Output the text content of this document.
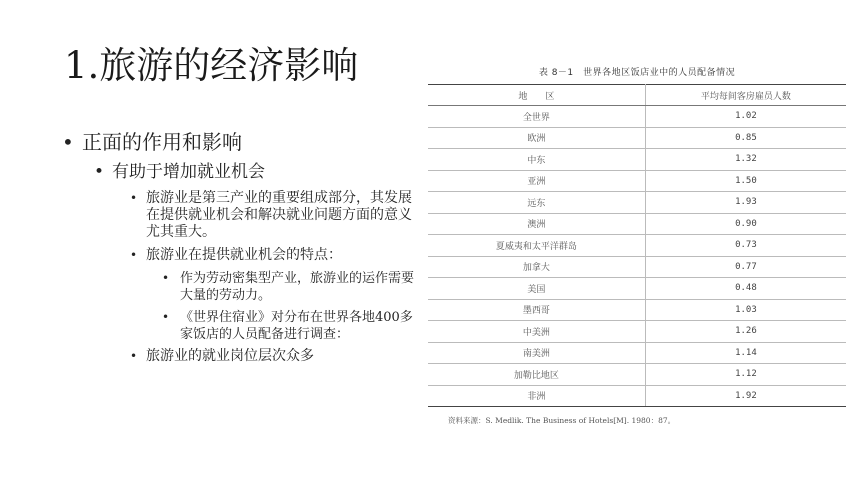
1.旅游的经济影响
• 正面的作用和影响
• 有助于增加就业机会
• 旅游业是第三产业的重要组成部分，其发展在提供就业机会和解决就业问题方面的意义尤其重大。
• 旅游业在提供就业机会的特点：
• 作为劳动密集型产业，旅游业的运作需要大量的劳动力。
• 《世界住宿业》对分布在世界各地400多家饭店的人员配备进行调查：
• 旅游业的就业岗位层次众多
表 8－1　世界各地区饭店业中的人员配备情况
地　　区	平均每间客房雇员人数
全世界	1.02
欧洲	0.85
中东	1.32
亚洲	1.50
远东	1.93
澳洲	0.90
夏威夷和太平洋群岛	0.73
加拿大	0.77
美国	0.48
墨西哥	1.03
中美洲	1.26
南美洲	1.14
加勒比地区	1.12
非洲	1.92
资料来源：S. Medlik. The Business of Hotels[M]. 1980：87。
